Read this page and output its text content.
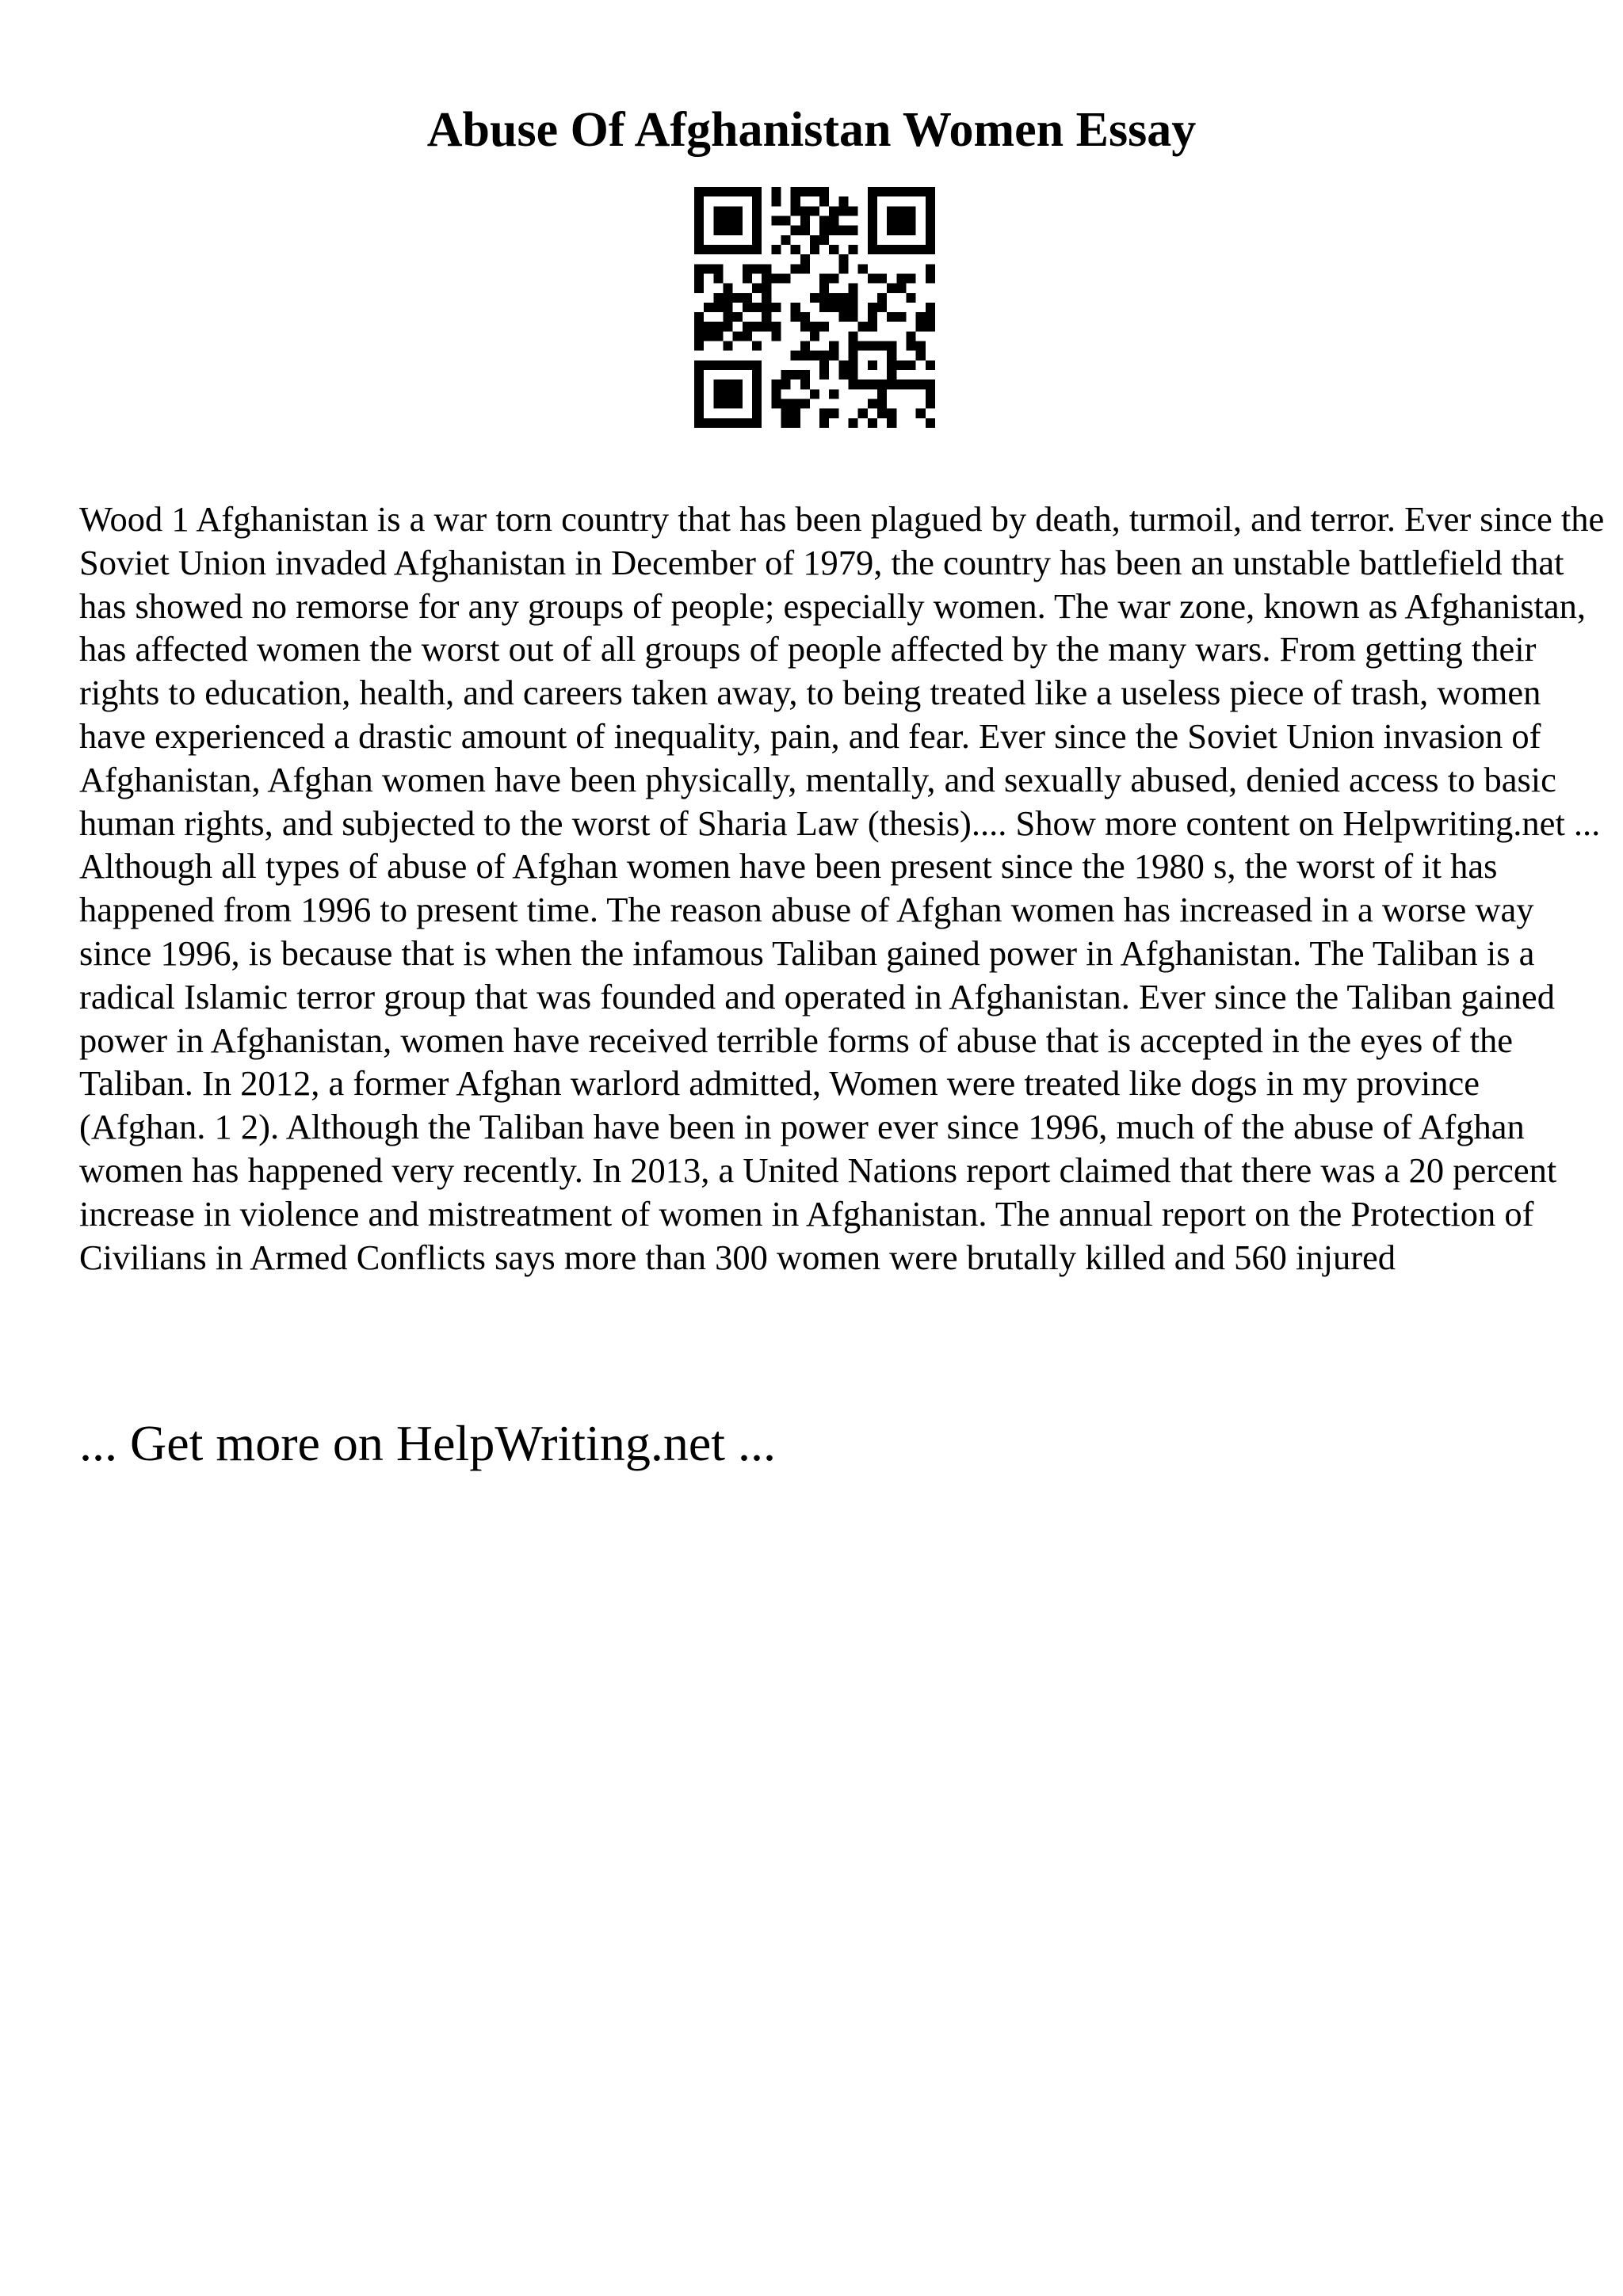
Abuse Of Afghanistan Women Essay

Wood 1 Afghanistan is a war torn country that has been plagued by death, turmoil, and terror. Ever since the Soviet Union invaded Afghanistan in December of 1979, the country has been an unstable battlefield that has showed no remorse for any groups of people; especially women. The war zone, known as Afghanistan, has affected women the worst out of all groups of people affected by the many wars. From getting their rights to education, health, and careers taken away, to being treated like a useless piece of trash, women have experienced a drastic amount of inequality, pain, and fear. Ever since the Soviet Union invasion of Afghanistan, Afghan women have been physically, mentally, and sexually abused, denied access to basic human rights, and subjected to the worst of Sharia Law (thesis).... Show more content on Helpwriting.net ...

Although all types of abuse of Afghan women have been present since the 1980 s, the worst of it has happened from 1996 to present time. The reason abuse of Afghan women has increased in a worse way since 1996, is because that is when the infamous Taliban gained power in Afghanistan. The Taliban is a radical Islamic terror group that was founded and operated in Afghanistan. Ever since the Taliban gained power in Afghanistan, women have received terrible forms of abuse that is accepted in the eyes of the Taliban. In 2012, a former Afghan warlord admitted, Women were treated like dogs in my province (Afghan. 1 2). Although the Taliban have been in power ever since 1996, much of the abuse of Afghan women has happened very recently. In 2013, a United Nations report claimed that there was a 20 percent increase in violence and mistreatment of women in Afghanistan. The annual report on the Protection of Civilians in Armed Conflicts says more than 300 women were brutally killed and 560 injured

... Get more on HelpWriting.net ...
